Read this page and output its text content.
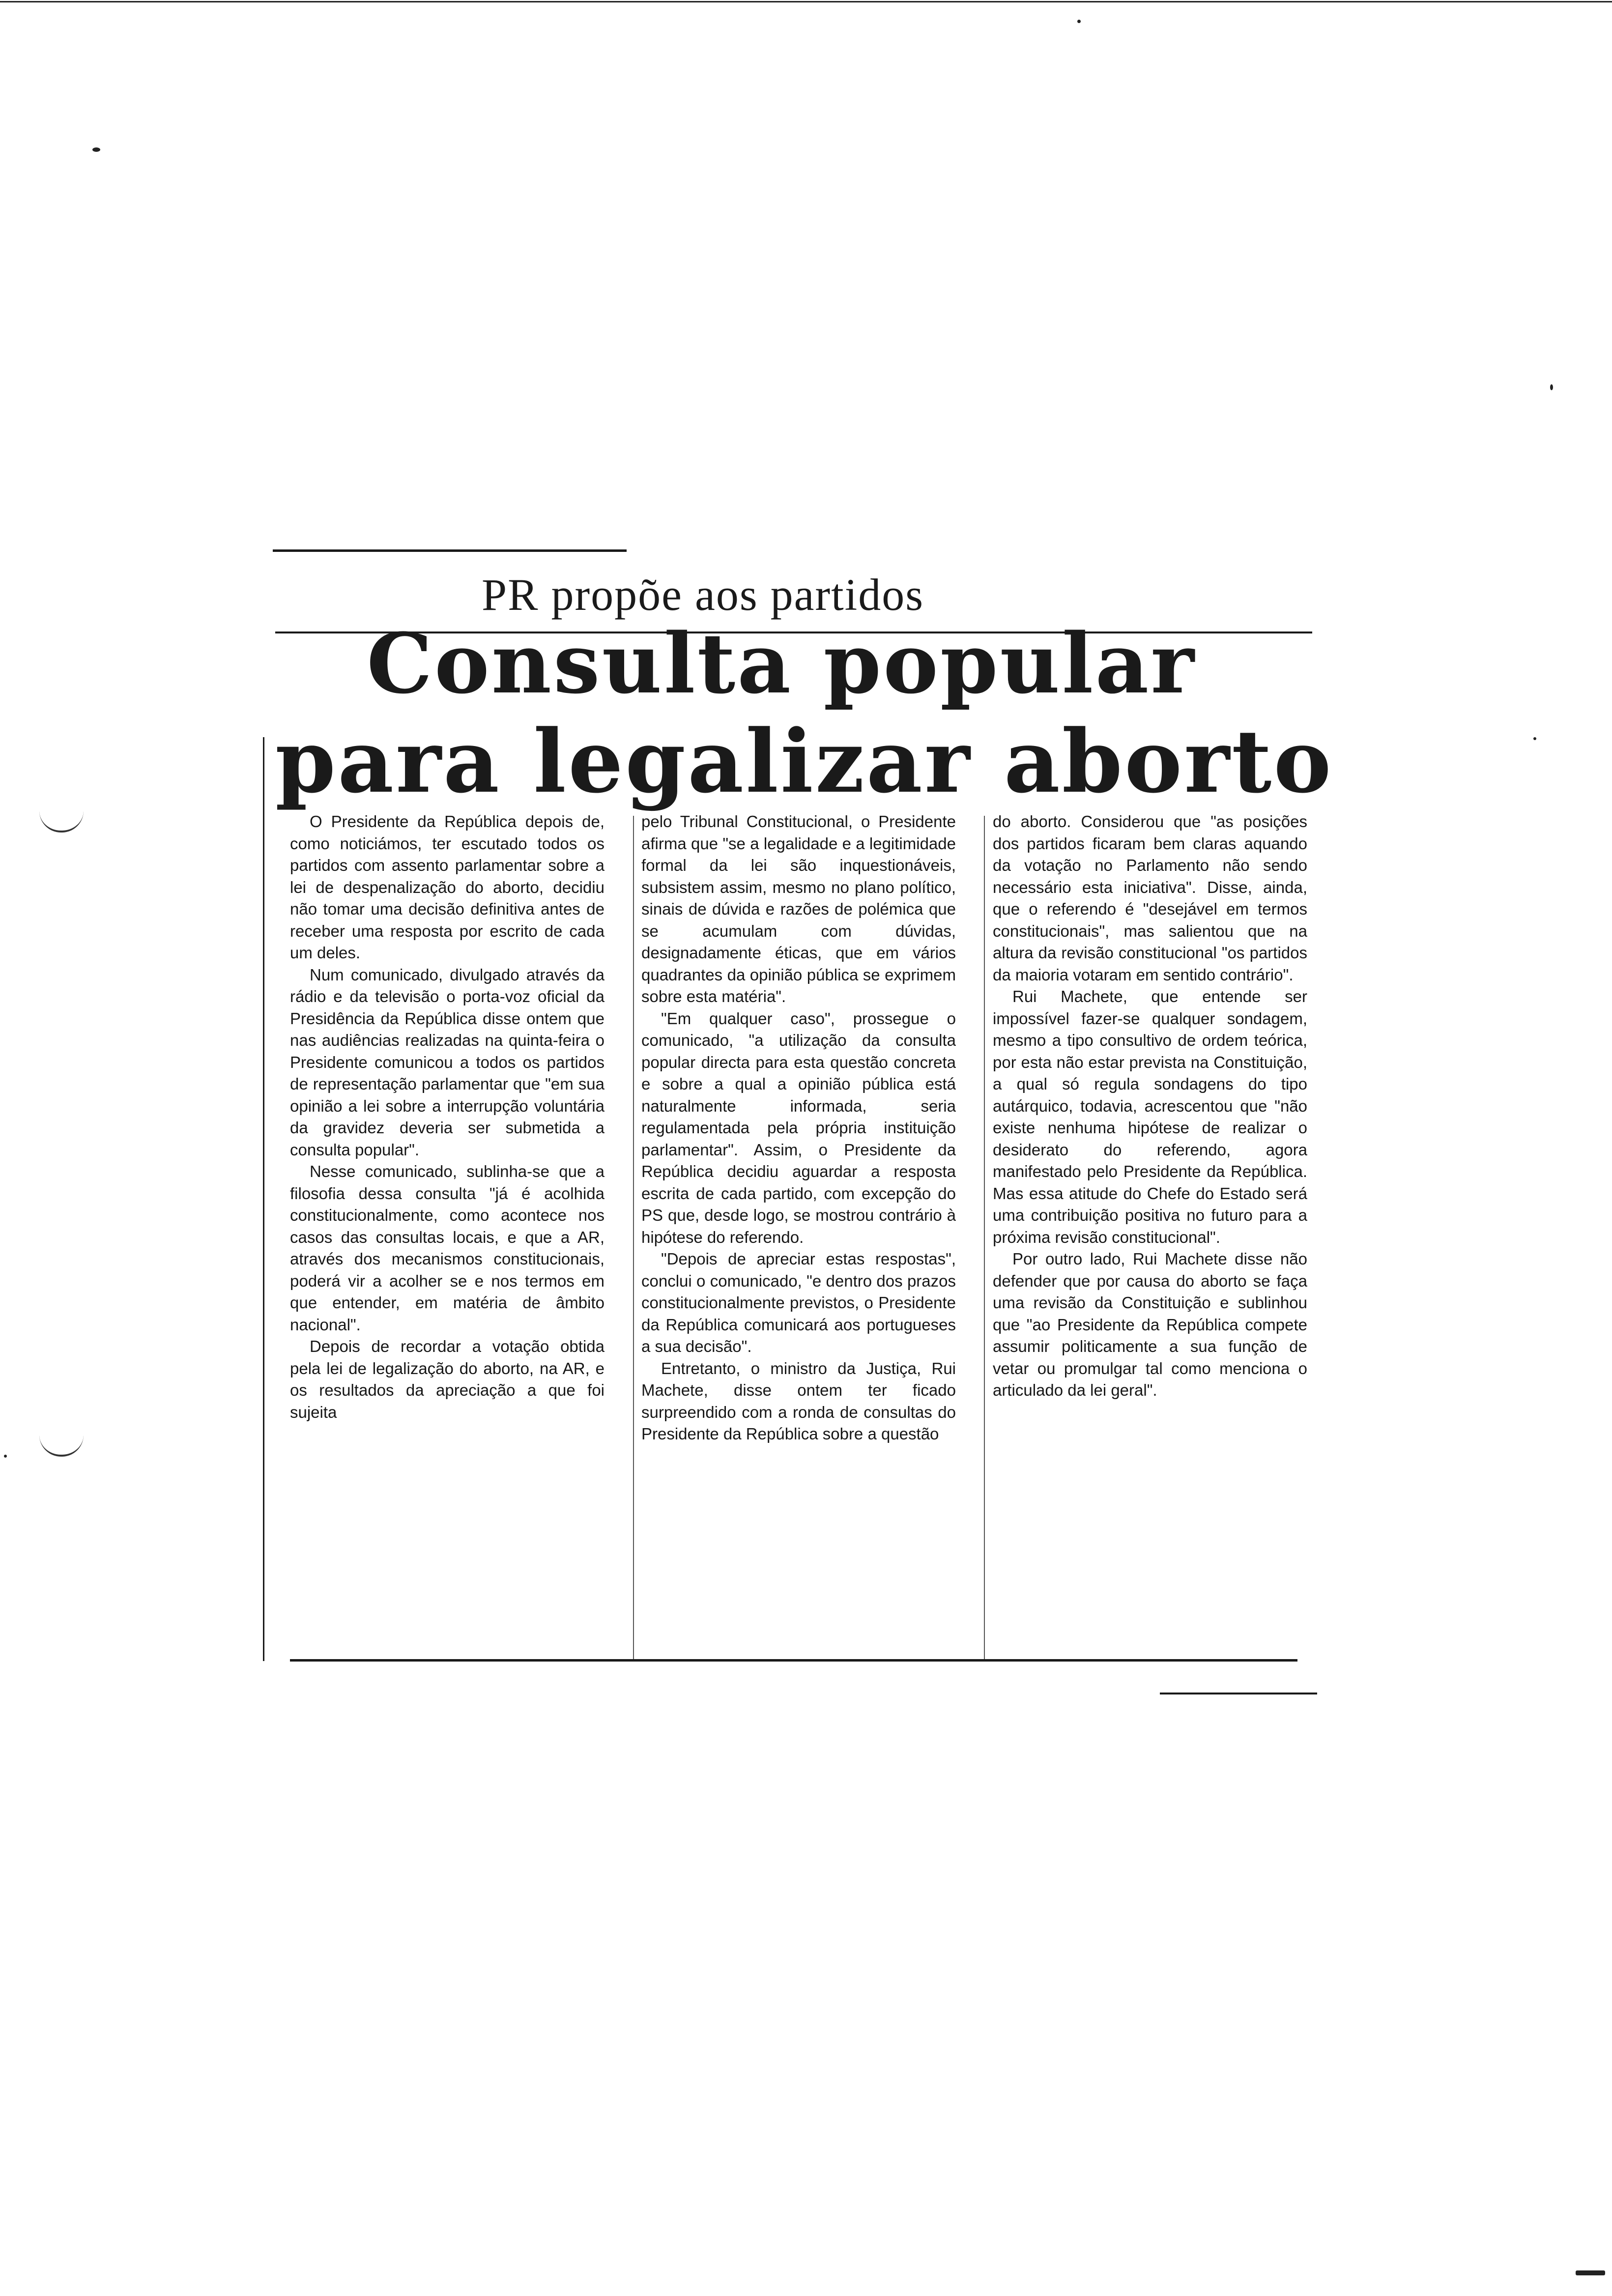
PR propõe aos partidos
Consulta popular
para legalizar aborto

O Presidente da República depois de, como noticiámos, ter escutado todos os partidos com assento parlamentar sobre a lei de despenalização do aborto, decidiu não tomar uma decisão definitiva antes de receber uma resposta por escrito de cada um deles.

Num comunicado, divulgado através da rádio e da televisão o porta-voz oficial da Presidência da República disse ontem que nas audiências realizadas na quinta-feira o Presidente comunicou a todos os partidos de representação parlamentar que "em sua opinião a lei sobre a interrupção voluntária da gravidez deveria ser submetida a consulta popular".

Nesse comunicado, sublinha-se que a filosofia dessa consulta "já é acolhida constitucionalmente, como acontece nos casos das consultas locais, e que a AR, através dos mecanismos constitucionais, poderá vir a acolher se e nos termos em que entender, em matéria de âmbito nacional".

Depois de recordar a votação obtida pela lei de legalização do aborto, na AR, e os resultados da apreciação a que foi sujeita

pelo Tribunal Constitucional, o Presidente afirma que "se a legalidade e a legitimidade formal da lei são inquestionáveis, subsistem assim, mesmo no plano político, sinais de dúvida e razões de polémica que se acumulam com dúvidas, designadamente éticas, que em vários quadrantes da opinião pública se exprimem sobre esta matéria".

"Em qualquer caso", prossegue o comunicado, "a utilização da consulta popular directa para esta questão concreta e sobre a qual a opinião pública está naturalmente informada, seria regulamentada pela própria instituição parlamentar". Assim, o Presidente da República decidiu aguardar a resposta escrita de cada partido, com excepção do PS que, desde logo, se mostrou contrário à hipótese do referendo.

"Depois de apreciar estas respostas", conclui o comunicado, "e dentro dos prazos constitucionalmente previstos, o Presidente da República comunicará aos portugueses a sua decisão".

Entretanto, o ministro da Justiça, Rui Machete, disse ontem ter ficado surpreendido com a ronda de consultas do Presidente da República sobre a questão

do aborto. Considerou que "as posições dos partidos ficaram bem claras aquando da votação no Parlamento não sendo necessário esta iniciativa". Disse, ainda, que o referendo é "desejável em termos constitucionais", mas salientou que na altura da revisão constitucional "os partidos da maioria votaram em sentido contrário".

Rui Machete, que entende ser impossível fazer-se qualquer sondagem, mesmo a tipo consultivo de ordem teórica, por esta não estar prevista na Constituição, a qual só regula sondagens do tipo autárquico, todavia, acrescentou que "não existe nenhuma hipótese de realizar o desiderato do referendo, agora manifestado pelo Presidente da República. Mas essa atitude do Chefe do Estado será uma contribuição positiva no futuro para a próxima revisão constitucional".

Por outro lado, Rui Machete disse não defender que por causa do aborto se faça uma revisão da Constituição e sublinhou que "ao Presidente da República compete assumir politicamente a sua função de vetar ou promulgar tal como menciona o articulado da lei geral".
